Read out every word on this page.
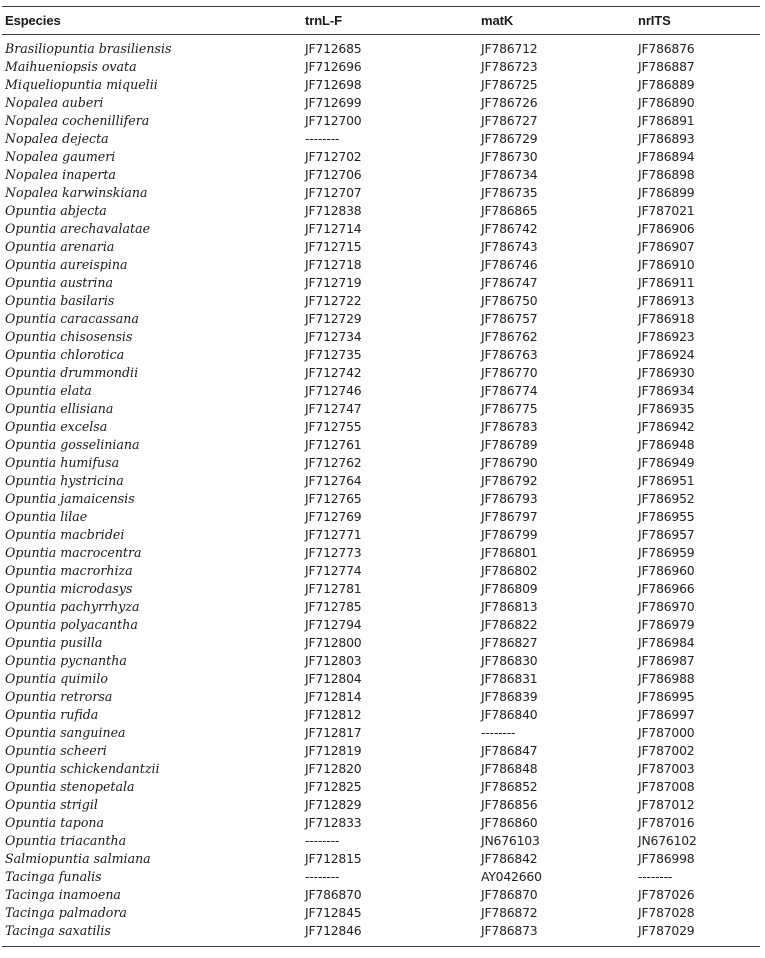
Especies	trnL-F	matK	nrITS
Brasiliopuntia brasiliensis	JF712685	JF786712	JF786876
Maihueniopsis ovata	JF712696	JF786723	JF786887
Miqueliopuntia miquelii	JF712698	JF786725	JF786889
Nopalea auberi	JF712699	JF786726	JF786890
Nopalea cochenillifera	JF712700	JF786727	JF786891
Nopalea dejecta	--------	JF786729	JF786893
Nopalea gaumeri	JF712702	JF786730	JF786894
Nopalea inaperta	JF712706	JF786734	JF786898
Nopalea karwinskiana	JF712707	JF786735	JF786899
Opuntia abjecta	JF712838	JF786865	JF787021
Opuntia arechavalatae	JF712714	JF786742	JF786906
Opuntia arenaria	JF712715	JF786743	JF786907
Opuntia aureispina	JF712718	JF786746	JF786910
Opuntia austrina	JF712719	JF786747	JF786911
Opuntia basilaris	JF712722	JF786750	JF786913
Opuntia caracassana	JF712729	JF786757	JF786918
Opuntia chisosensis	JF712734	JF786762	JF786923
Opuntia chlorotica	JF712735	JF786763	JF786924
Opuntia drummondii	JF712742	JF786770	JF786930
Opuntia elata	JF712746	JF786774	JF786934
Opuntia ellisiana	JF712747	JF786775	JF786935
Opuntia excelsa	JF712755	JF786783	JF786942
Opuntia gosseliniana	JF712761	JF786789	JF786948
Opuntia humifusa	JF712762	JF786790	JF786949
Opuntia hystricina	JF712764	JF786792	JF786951
Opuntia jamaicensis	JF712765	JF786793	JF786952
Opuntia lilae	JF712769	JF786797	JF786955
Opuntia macbridei	JF712771	JF786799	JF786957
Opuntia macrocentra	JF712773	JF786801	JF786959
Opuntia macrorhiza	JF712774	JF786802	JF786960
Opuntia microdasys	JF712781	JF786809	JF786966
Opuntia pachyrrhyza	JF712785	JF786813	JF786970
Opuntia polyacantha	JF712794	JF786822	JF786979
Opuntia pusilla	JF712800	JF786827	JF786984
Opuntia pycnantha	JF712803	JF786830	JF786987
Opuntia quimilo	JF712804	JF786831	JF786988
Opuntia retrorsa	JF712814	JF786839	JF786995
Opuntia rufida	JF712812	JF786840	JF786997
Opuntia sanguinea	JF712817	--------	JF787000
Opuntia scheeri	JF712819	JF786847	JF787002
Opuntia schickendantzii	JF712820	JF786848	JF787003
Opuntia stenopetala	JF712825	JF786852	JF787008
Opuntia strigil	JF712829	JF786856	JF787012
Opuntia tapona	JF712833	JF786860	JF787016
Opuntia triacantha	--------	JN676103	JN676102
Salmiopuntia salmiana	JF712815	JF786842	JF786998
Tacinga funalis	--------	AY042660	--------
Tacinga inamoena	JF786870	JF786870	JF787026
Tacinga palmadora	JF712845	JF786872	JF787028
Tacinga saxatilis	JF712846	JF786873	JF787029
